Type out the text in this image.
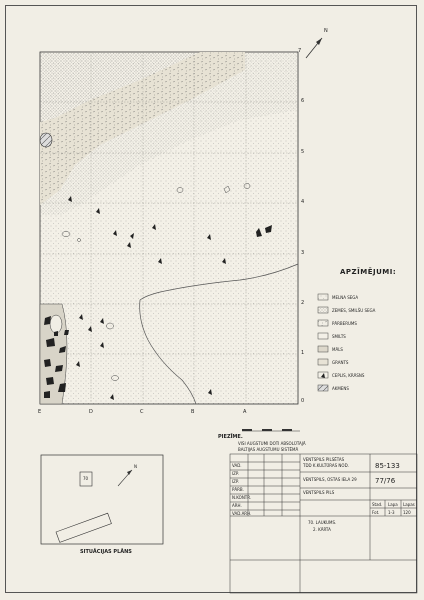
0
1
2
3
4
5
6
7
E	D	C	B	A
N
APZĪMĒJUMI:
MELNA SEGA
ZEMES, SMILŠU SEGA
PĀRBERUMS
SMILTS
MĀLS
GRANTS
CEPLIS, KRĀSNS
AKMENS
PIEZĪME.
VISI AUGSTUMI DOTI ABSOLŪTAJĀ
BALTIJAS AUGSTUMU SISTĒMĀ
70
N
SITUĀCIJAS PLĀNS
VENTSPILS PILSĒTAS
TDD K.KULTŪRAS NOD.	85-133
VENTSPILS, OSTAS IELA 29	77/76
VENTSPILS PILS
Stad. Lapa Lapas
Fot. 1-3 120
70. LAUKUMS.
2. KĀRTA
VAD.
IZP.
IZP.
PĀRB.
N.KONTR.
ARH.
VAD.ARH.
